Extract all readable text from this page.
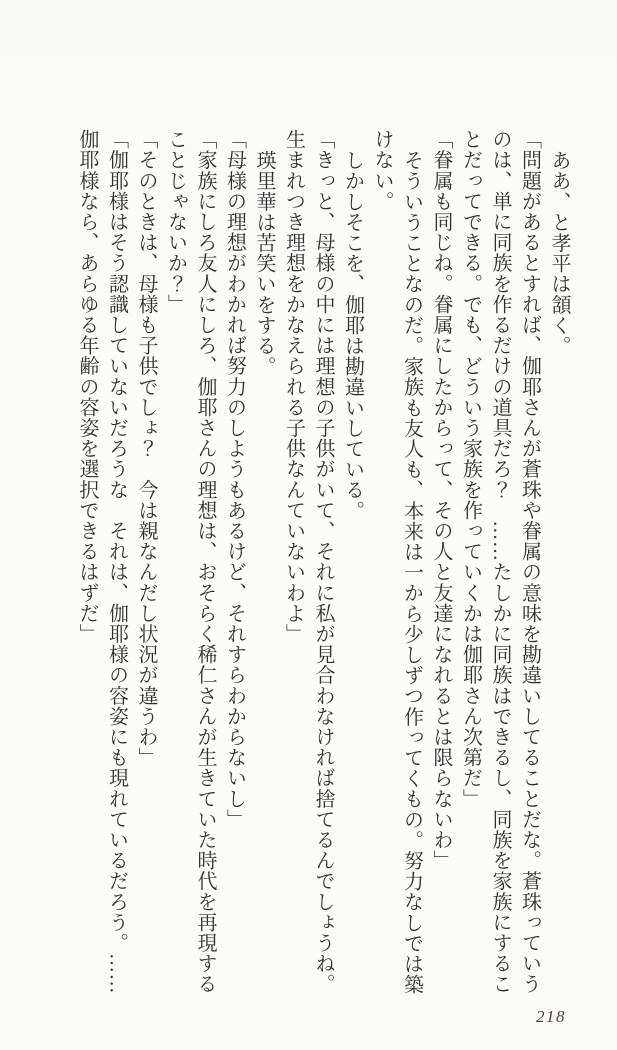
ああ、と孝平は頷く。

「問題があるとすれば、伽耶さんが蒼珠や眷属の意味を勘違いしてることだな。蒼珠っていう

のは、単に同族を作るだけの道具だろ？　……たしかに同族はできるし、同族を家族にするこ

とだってできる。でも、どういう家族を作っていくかは伽耶さん次第だ」

「眷属も同じね。眷属にしたからって、その人と友達になれるとは限らないわ」

そういうことなのだ。家族も友人も、本来は一から少しずつ作ってくもの。努力なしでは築

けない。

しかしそこを、伽耶は勘違いしている。

「きっと、母様の中には理想の子供がいて、それに私が見合わなければ捨てるんでしょうね。

生まれつき理想をかなえられる子供なんていないわよ」

瑛里華は苦笑いをする。

「母様の理想がわかれば努力のしようもあるけど、それすらわからないし」

「家族にしろ友人にしろ、伽耶さんの理想は、おそらく稀仁さんが生きていた時代を再現する

ことじゃないか？」

「そのときは、母様も子供でしょ？　今は親なんだし状況が違うわ」

「伽耶様はそう認識していないだろうな　それは、伽耶様の容姿にも現れているだろう。……

伽耶様なら、あらゆる年齢の容姿を選択できるはずだ」

218
